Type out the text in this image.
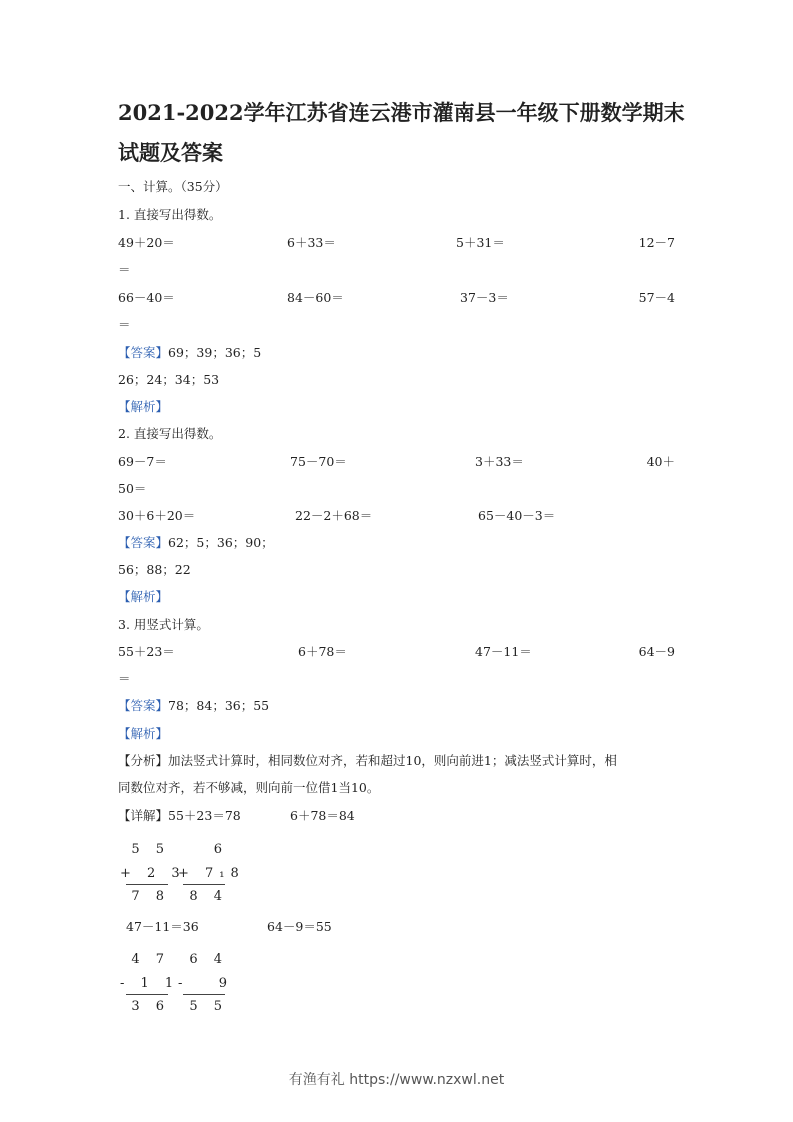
2021-2022学年江苏省连云港市灌南县一年级下册数学期末
试题及答案
一、计算。（35分）
1. 直接写出得数。
49＋20＝	6＋33＝	5＋31＝	12－7
＝
66－40＝	84－60＝	37－3＝	57－4
＝
【答案】69；39；36；5
26；24；34；53
【解析】
2. 直接写出得数。
69－7＝	75－70＝	3＋33＝	40＋
50＝
30＋6＋20＝	22－2＋68＝	65－40－3＝
【答案】62；5；36；90；
56；88；22
【解析】
3. 用竖式计算。
55＋23＝	6＋78＝	47－11＝	64－9
＝
【答案】78；84；36；55
【解析】
【分析】加法竖式计算时，相同数位对齐，若和超过10，则向前进1；减法竖式计算时，相
同数位对齐，若不够减，则向前一位借1当10。
【详解】55＋23＝78	6＋78＝84
5 5
+ 2 3
7 8
6
+ 7₁8
8 4
47－11＝36	64－9＝55
4 7
- 1 1
3 6
6 4
-   9
5 5
有渔有礼 https://www.nzxwl.net
